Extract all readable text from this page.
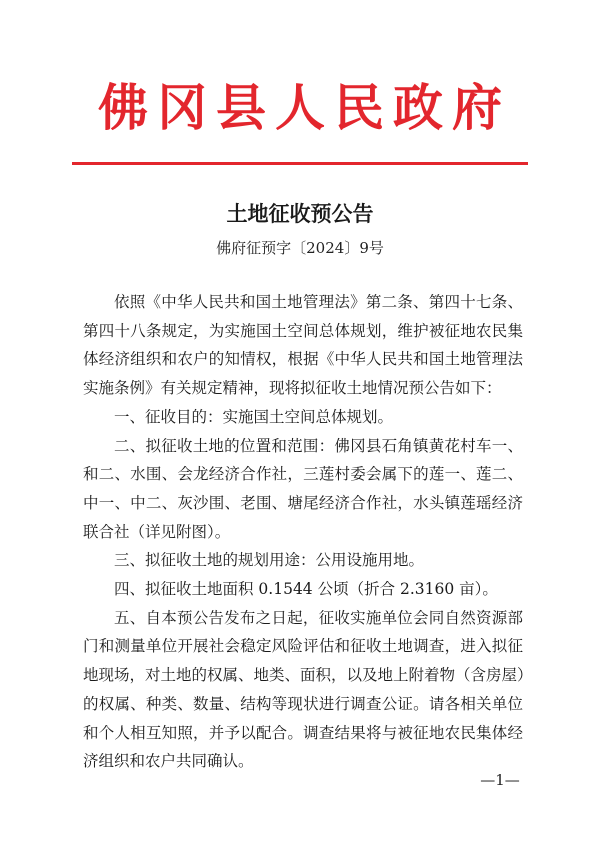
佛冈县人民政府
土地征收预公告
佛府征预字〔2024〕9号
依照《中华人民共和国土地管理法》第二条、第四十七条、
第四十八条规定，为实施国土空间总体规划，维护被征地农民集
体经济组织和农户的知情权，根据《中华人民共和国土地管理法
实施条例》有关规定精神，现将拟征收土地情况预公告如下：
一、征收目的：实施国土空间总体规划。
二、拟征收土地的位置和范围：佛冈县石角镇黄花村车一、
和二、水围、会龙经济合作社，三莲村委会属下的莲一、莲二、
中一、中二、灰沙围、老围、塘尾经济合作社，水头镇莲瑶经济
联合社（详见附图）。
三、拟征收土地的规划用途：公用设施用地。
四、拟征收土地面积 0.1544 公顷（折合 2.3160 亩）。
五、自本预公告发布之日起，征收实施单位会同自然资源部
门和测量单位开展社会稳定风险评估和征收土地调查，进入拟征
地现场，对土地的权属、地类、面积，以及地上附着物（含房屋）
的权属、种类、数量、结构等现状进行调查公证。请各相关单位
和个人相互知照，并予以配合。调查结果将与被征地农民集体经
济组织和农户共同确认。
—1—
